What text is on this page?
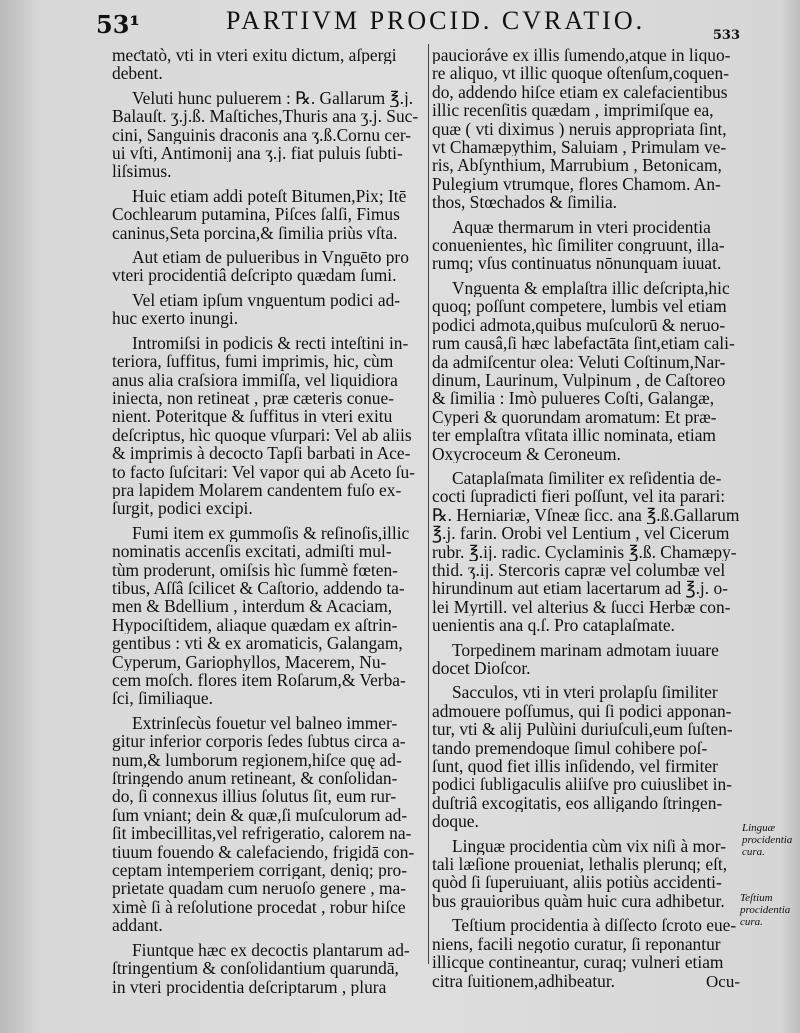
53¹	PARTIVM PROCID. CVRATIO.
533
meƈtatò, vti in vteri exitu dictum, aſpergi
debent.
Veluti hunc puluerem : ℞. Gallarum ℥.j.
Balauſt. ʒ.j.ß. Maſtiches,Thuris ana ʒ.j. Suc-
cini, Sanguinis draconis ana ʒ.ß.Cornu cer-
ui vſti, Antimonij ana ʒ.j. fiat puluis ſubti-
liſsimus.
Huic etiam addi poteſt Bitumen,Pix; Itē
Cochlearum putamina, Piſces ſalſi, Fimus
caninus,Seta porcina,& ſimilia priùs vſta.
Aut etiam de pulueribus in Vnguēto pro
vteri procidentiâ deſcripto quædam ſumi.
Vel etiam ipſum vnguentum podici ad-
huc exerto inungi.
Intromiſsi in podicis & recti inteſtini in-
teriora, ſuffitus, fumi imprimis, hic, cùm
anus alia craſsiora immiſſa, vel liquidiora
iniecta, non retineat , præ cæteris conue-
nient. Poteritque & ſuffitus in vteri exitu
deſcriptus, hìc quoque vſurpari: Vel ab aliis
& imprimis à decocto Tapſi barbati in Ace-
to facto ſuſcitari: Vel vapor qui ab Aceto ſu-
pra lapidem Molarem candentem fuſo ex-
ſurgit, podici excipi.
Fumi item ex gummoſis & reſinoſis,illic
nominatis accenſis excitati, admiſti mul-
tùm proderunt, omiſsis hìc ſummè fœten-
tibus, Aſſâ ſcilicet & Caſtorio, addendo ta-
men & Bdellium , interdum & Acaciam,
Hypociſtidem, aliaque quædam ex aſtrin-
gentibus : vti & ex aromaticis, Galangam,
Cyperum, Gariophyllos, Macerem, Nu-
cem moſch. flores item Roſarum,& Verba-
ſci, ſimiliaque.
Extrinſecùs fouetur vel balneo immer-
gitur inferior corporis ſedes ſubtus circa a-
num,& lumborum regionem,hiſce quę ad-
ſtringendo anum retineant, & conſolidan-
do, ſi connexus illius ſolutus ſit, eum rur-
ſum vniant; dein & quæ,ſi muſculorum ad-
ſit imbecillitas,vel refrigeratio, calorem na-
tiuum fouendo & calefaciendo, frigidā con-
ceptam intemperiem corrigant, deniq; pro-
prietate quadam cum neruoſo genere , ma-
ximè ſi à reſolutione procedat , robur hiſce
addant.
Fiuntque hæc ex decoctis plantarum ad-
ſtringentium & conſolidantium quarundā,
in vteri procidentia deſcriptarum , plura
paucioráve ex illis ſumendo,atque in liquo-
re aliquo, vt illic quoque oſtenſum,coquen-
do, addendo hiſce etiam ex calefacientibus
illic recenſitis quædam , imprimiſque ea,
quæ ( vti diximus ) neruis appropriata ſint,
vt Chamæpythim, Saluiam , Primulam ve-
ris, Abſynthium, Marrubium , Betonicam,
Pulegium vtrumque, flores Chamom. An-
thos, Stœchados & ſimilia.
Aquæ thermarum in vteri procidentia
conuenientes, hìc ſimiliter congruunt, illa-
rumq; vſus continuatus nōnunquam iuuat.
Vnguenta & emplaſtra illic deſcripta,hic
quoq; poſſunt competere, lumbis vel etiam
podici admota,quibus muſculorū & neruo-
rum causâ,ſi hæc labefactāta ſint,etiam cali-
da admiſcentur olea: Veluti Coſtinum,Nar-
dinum, Laurinum, Vulpinum , de Caſtoreo
& ſimilia : Imò pulueres Coſti, Galangæ,
Cyperi & quorundam aromatum: Et præ-
ter emplaſtra vſitata illic nominata, etiam
Oxycroceum & Ceroneum.
Cataplaſmata ſimiliter ex reſidentia de-
cocti ſupradicti fieri poſſunt, vel ita parari:
℞. Herniariæ, Vſneæ ſicc. ana ℥.ß.Gallarum
℥.j. farin. Orobi vel Lentium , vel Cicerum
rubr. ℥.ij. radic. Cyclaminis ℥.ß. Chamæpy-
thid. ʒ.ij. Stercoris capræ vel columbæ vel
hirundinum aut etiam lacertarum ad ℥.j. o-
lei Myrtill. vel alterius & ſucci Herbæ con-
uenientis ana q.ſ. Pro cataplaſmate.
Torpedinem marinam admotam iuuare
docet Dioſcor.
Sacculos, vti in vteri prolapſu ſimiliter
admouere poſſumus, qui ſi podici apponan-
tur, vti & alij Pulùini duriuſculi,eum ſuſten-
tando premendoque ſimul cohibere poſ-
ſunt, quod fiet illis inſidendo, vel firmiter
podici ſubligaculis aliiſve pro cuiuslibet in-
duſtriâ excogitatis, eos alligando ſtringen-
doque.
Linguæ procidentia cùm vix niſi à mor-
tali læſione proueniat, lethalis plerunq; eſt,
quòd ſi ſuperuiuant, aliis potiùs accidenti-
bus grauioribus quàm huic cura adhibetur.
Teſtium procidentia à diſſecto ſcroto eue-
niens, facili negotio curatur, ſi reponantur
illicque contineantur, curaq; vulneri etiam
citra ſuitionem,adhibeatur.
Linguæ procidentia cura.
Teſtium procidentia cura.
Ocu-
